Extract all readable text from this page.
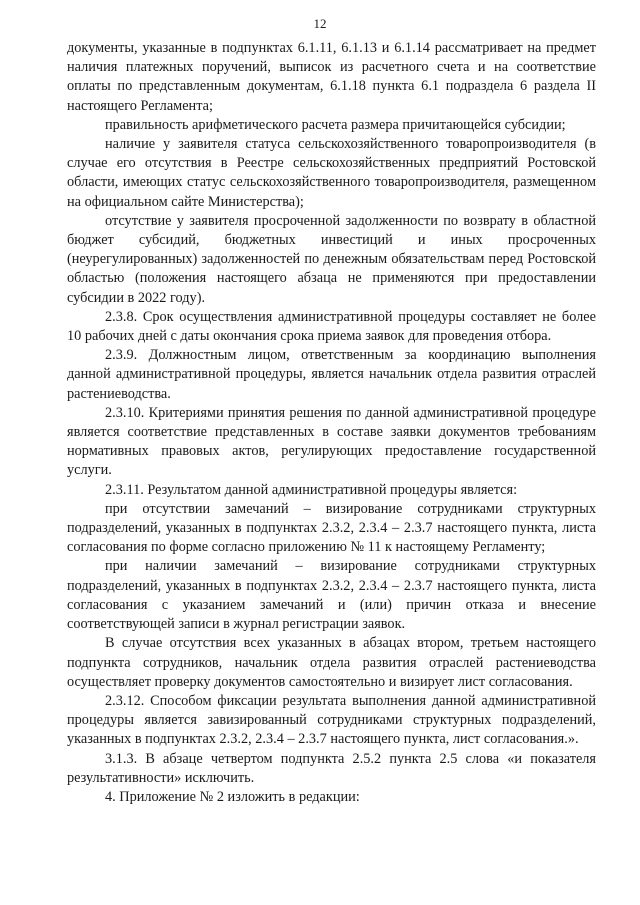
12

документы, указанные в подпунктах 6.1.11, 6.1.13 и 6.1.14 рассматривает на предмет наличия платежных поручений, выписок из расчетного счета и на соответствие оплаты по представленным документам, 6.1.18 пункта 6.1 подраздела 6 раздела II настоящего Регламента;

правильность арифметического расчета размера причитающейся субсидии;

наличие у заявителя статуса сельскохозяйственного товаропроизводителя (в случае его отсутствия в Реестре сельскохозяйственных предприятий Ростовской области, имеющих статус сельскохозяйственного товаропроизводителя, размещенном на официальном сайте Министерства);

отсутствие у заявителя просроченной задолженности по возврату в областной бюджет субсидий, бюджетных инвестиций и иных просроченных (неурегулированных) задолженностей по денежным обязательствам перед Ростовской областью (положения настоящего абзаца не применяются при предоставлении субсидии в 2022 году).

2.3.8. Срок осуществления административной процедуры составляет не более 10 рабочих дней с даты окончания срока приема заявок для проведения отбора.

2.3.9. Должностным лицом, ответственным за координацию выполнения данной административной процедуры, является начальник отдела развития отраслей растениеводства.

2.3.10. Критериями принятия решения по данной административной процедуре является соответствие представленных в составе заявки документов требованиям нормативных правовых актов, регулирующих предоставление государственной услуги.

2.3.11. Результатом данной административной процедуры является:

при отсутствии замечаний – визирование сотрудниками структурных подразделений, указанных в подпунктах 2.3.2, 2.3.4 – 2.3.7 настоящего пункта, листа согласования по форме согласно приложению № 11 к настоящему Регламенту;

при наличии замечаний – визирование сотрудниками структурных подразделений, указанных в подпунктах 2.3.2, 2.3.4 – 2.3.7 настоящего пункта, листа согласования с указанием замечаний и (или) причин отказа и внесение соответствующей записи в журнал регистрации заявок.

В случае отсутствия всех указанных в абзацах втором, третьем настоящего подпункта сотрудников, начальник отдела развития отраслей растениеводства осуществляет проверку документов самостоятельно и визирует лист согласования.

2.3.12. Способом фиксации результата выполнения данной административной процедуры является завизированный сотрудниками структурных подразделений, указанных в подпунктах 2.3.2, 2.3.4 – 2.3.7 настоящего пункта, лист согласования.».

3.1.3. В абзаце четвертом подпункта 2.5.2 пункта 2.5 слова «и показателя результативности» исключить.

4. Приложение № 2 изложить в редакции:
